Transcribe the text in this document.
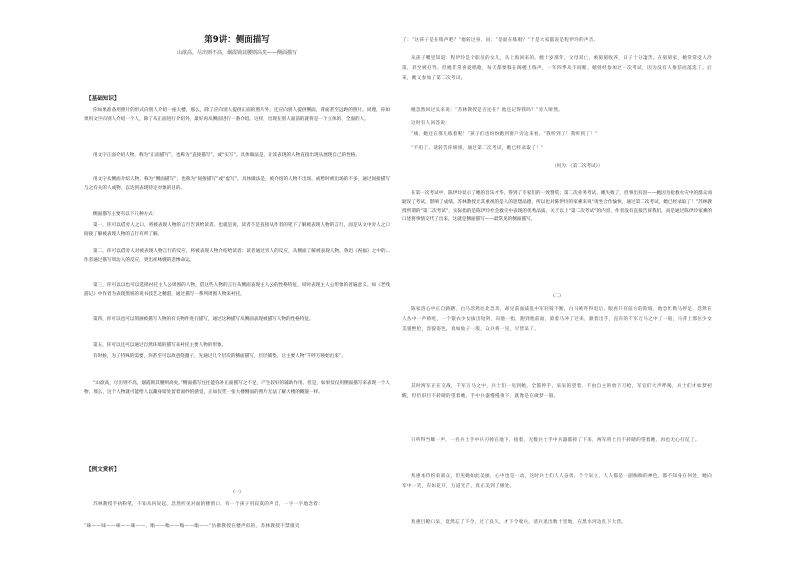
第9讲：侧面描写
山欲高，尽出则不高，烟霞锁其腰则高矣——侧面描写
【基础知识】
你如果准备用照片的形式向别人介绍一座大楼，那么，除了应向别人提供正面的照片外，还应向别人提供侧面、背面甚至远距的照片。同理，你如果用文字向别人介绍一个人，除了从正面进行介绍外，最好再从侧面进行一番介绍。这样，出现在别人面前的就将是一个立体的、全面的人。
用文字正面介绍人物，称为“正面描写”，也称为“直接描写”，或“实写”。具体做法是，让读表现的人物直接出现从展现自己的性格。
用文字从侧面介绍人物，称为“侧面描写”，也称为“间接描写”或“虚写”。具体做法是，被介绍的人物不出场，或暂时被出场的不多，通过间接描写与之有关的人或物，以达到表现特定对象的目的。
侧面描写主要有以下几种方式：
第一，你可以借旁人之口，将被表现人物的言行告诉给读者。也就是说，读者不是直接从作者的笔下了解被表现人物的言行，而是从文中旁人之口间接了解被表现人物的言行有所了解。
第二，你可以借旁人对被表现人物言行的反应，将被表现人物介绍给读者；读者通过旁人的反应，从侧面了解被表现人物。鲁迅《祝福》之中的...作者通过描写周边人的反应，突出祥林嫂的悲惨命运。
第三，你可以以也可以选择衬托主人公周围的人物，借这些人物的言行从侧面表现主人公的性格特征，同时表现主人公形象的普遍意义。如《老残游记》中作者为表现黑妞的说书技艺之精湛，通过描写一系列周围人物来衬托。
第四，你可以也可以刻画被描写人物的有关物件进行描写，通过这种描写从侧面表现被描写人物的性格特征。
第五，你可以还可以通过自然环境的描写来衬托主要人物的形象。
有时候，为了特殊的需要，你甚至可以故意绕圈子，先通过几个层次的侧面描写，层层铺垫，让主要人物“千呼万唤始出来”。
“山欲高，尽出则不高，烟霞锁其腰则高矣。”侧面描写往往能弥补正面描写之不足，产生较好的辅助作用。但是，如果仅仅用侧面描写来表现一个人物，那么，这个人物就可能给人以藏身暗处留着面纱的感觉，正如仅凭一张大楼侧面的照片无法了解大楼的概貌一样。
【例文赏析】
(一)
苏林教授手执粉笔，不知从何说起，忽然听见对面的楼窗口，有一个孩子用寂寞的声音，一字一字地念着：
“咪——咪——咪——咪——，嗡——嗡——嗡——嗡——”仿佛教授在楼声似的。苏林教授不禁微笑
了：“这孩子是在练声吧？”他转过身，问：“是谁在练唱？”于是大家都说是程伊玲的声音。
从孩子嘴里知道：程伊玲是个职员的女儿，从上海回来的。她十岁那年，父母双亡，被舅舅收养，日子十分凄苦。在舅舅家，她常常受人冷落，甚至被打骂。但她非常喜爱唱歌，每天都要躲在阁楼上练声，一年四季从不间断。她曾经参加过一次考试，因为没有人推荐而落选了。后来，她又参加了第二次考试。
她忽然回过头来说：“苏林教授是否还在？他还记得我吗？”旁人哑然。
这时有人回答说：
“咦，她还在那儿练着呢！”孩子们也纷纷跑到窗户旁边来看。“我听到了！我听到了！”
“不用了。请转告你姐姐，通过第二次考试，她已经录取了！”
（何为：《第二次考试》）
在第一次考试中，陈伊玲显示了她的音乐才华，得到了专家们的一致赞赏；第二次业务考试，她失败了，但事出有因——她因为抢救火灾中的群众而耽误了考试，影响了成绩。苏林教授尤其重视的是人的思想品德，所以也对陈伊玲的家乘来说“请坐合作愉快，通过第二次考试，她已经录取了！”苏林教授所谓的“第二次考试”，实际指的是陈伊玲社会救灾中表现的优秀品质。关于以上“第二次考试”的内容，作者没有直接告诉我们，而是通过陈伊玲家乘的口述将事情交代了出来，这就是侧面描写——最常见的侧面描写。
(二)
陈家洛心中正自踌躇，白马忽然往北急奔，却见前面战乱中军轻骑不断，白马被吓得退后，眼看只有前方的险坡，他急忙勒马停足，忽然在人丛中一声娇叱，一个银衣少女拔出短剑，向他一指，跑到他前面，骑着马冲了过来，跟着出手，直有的千军万马之中了一般，马背上那位少女美貌绝伦，容貌姿色，真如仙子一般，众兵将一见，尽皆呆了。
其时两军正在交战，千军万马之中，兵士们一见到她，全都停手，呆呆的望着，不由自主的放下刀枪，军官们大声呼喝，兵士们才如梦初醒，但仍旧目不转睛的望着她，手中兵器慢慢垂下，就像是在做梦一般。
只听得当啷一声，一名兵士手中兵刃掉在地下，接着，无数兵士手中兵器都掉了下来，两军将士目不转睛的望着她，再也无心打仗了。
兆惠本待约束部众，但见她如此美丽，心中也是一动，这时兵士们人人奋勇，个个呆立，人人都是一副痴痴的神色，都不知身在何处，她向军中一笑，有如花开，万道光芒，真正美到了极处。
兆惠目瞪口呆，竟然忘了下令，过了良久，才下令收兵。清兵退出数十里地，在黑水河边扎下大营。
